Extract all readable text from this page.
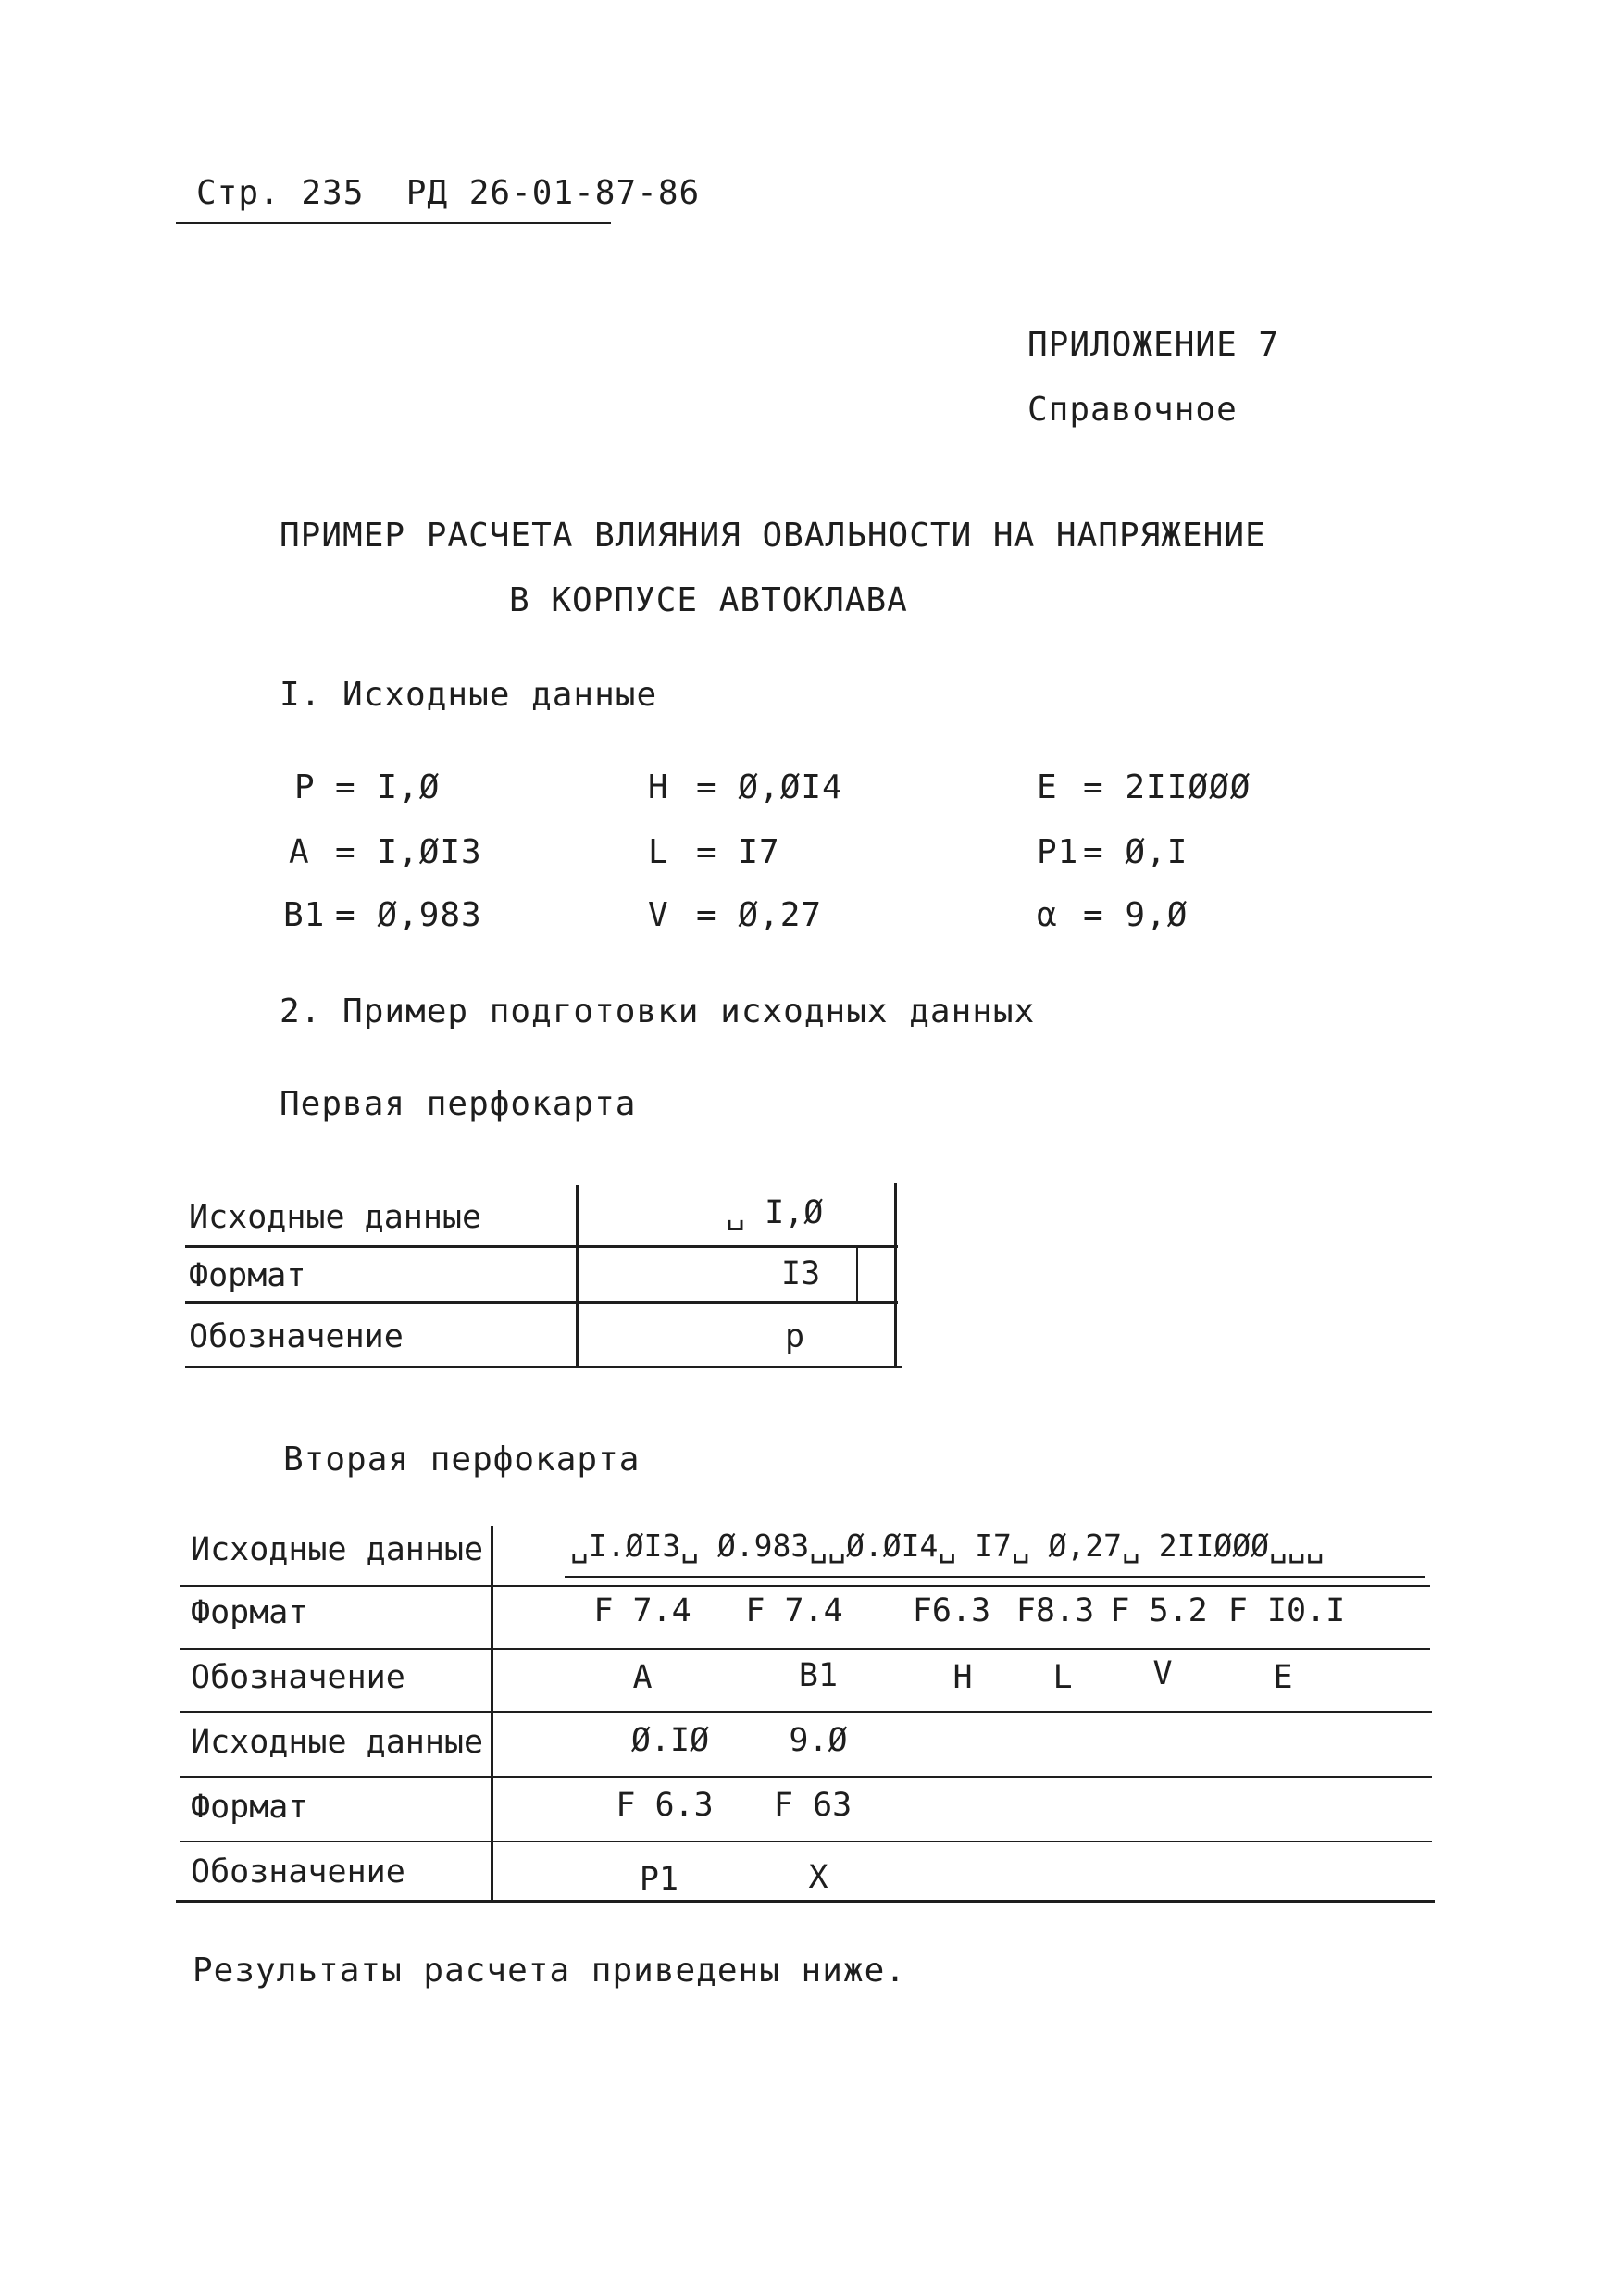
Стр. 235  РД 26-01-87-86
ПРИЛОЖЕНИЕ 7
Справочное
ПРИМЕР РАСЧЕТА ВЛИЯНИЯ ОВАЛЬНОСТИ НА НАПРЯЖЕНИЕ
В КОРПУСЕ АВТОКЛАВА
I. Исходные данные
P = I,Ø	H = Ø,ØI4	E = 2IIØØØ
A = I,ØI3	L = I7	P1 = Ø,I
B1 = Ø,983	V = Ø,27	α = 9,Ø
2. Пример подготовки исходных данных
Первая перфокарта
Исходные данные	␣ I,Ø
Формат	I3
Обозначение	p
Вторая перфокарта
Исходные данные	␣I.ØI3␣ Ø.983␣␣Ø.ØI4␣ I7␣ Ø,27␣ 2IIØØØ␣␣␣
Формат	F 7.4 F 7.4 F6.3 F8.3 F 5.2 F I0.I
Обозначение	A	B1	H L V	E
Исходные данные	Ø.IØ 9.Ø
Формат	F 6.3 F 63
Обозначение	P1	X
Результаты расчета приведены ниже.
